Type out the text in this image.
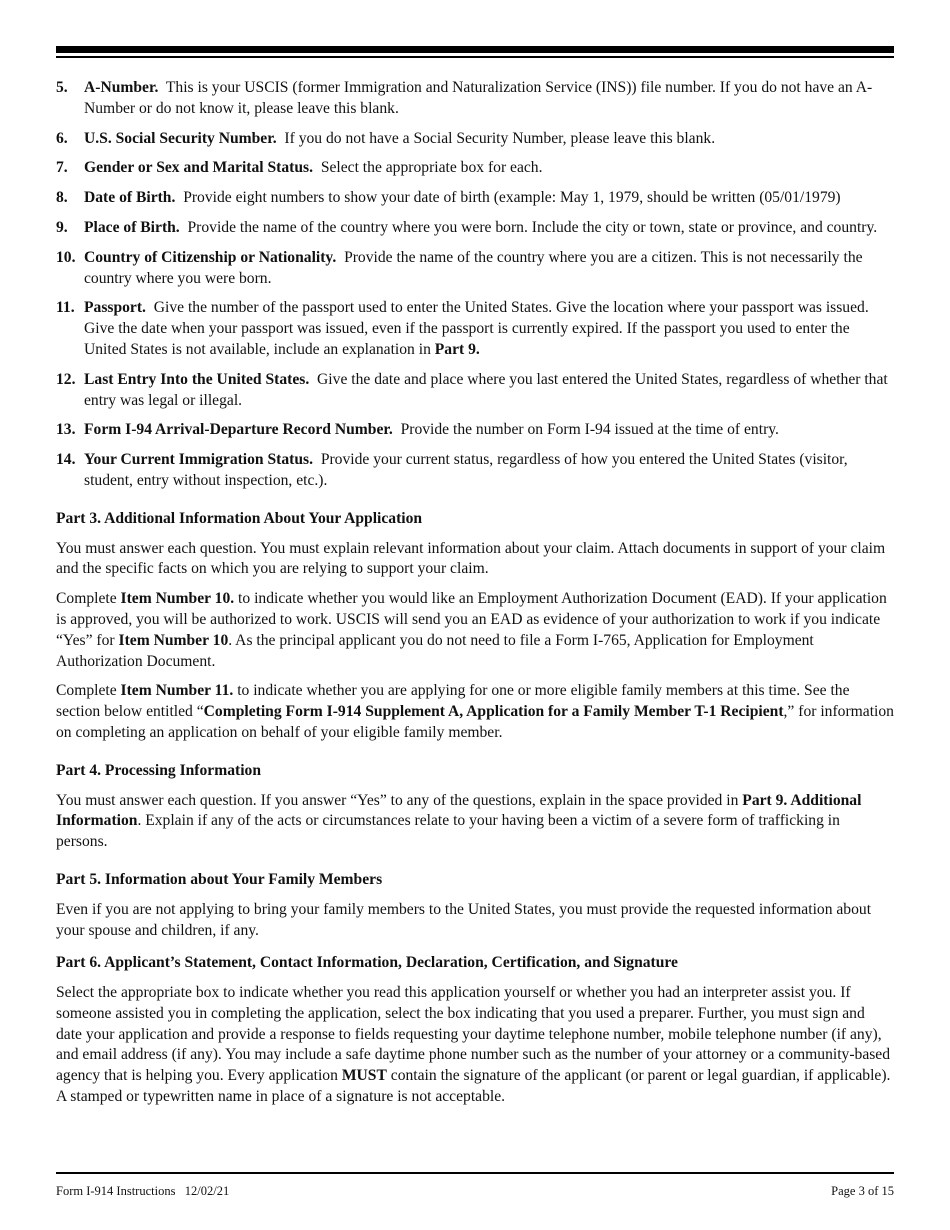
5.	A-Number. This is your USCIS (former Immigration and Naturalization Service (INS)) file number. If you do not have an A-Number or do not know it, please leave this blank.
6.	U.S. Social Security Number. If you do not have a Social Security Number, please leave this blank.
7.	Gender or Sex and Marital Status. Select the appropriate box for each.
8.	Date of Birth. Provide eight numbers to show your date of birth (example: May 1, 1979, should be written (05/01/1979)
9.	Place of Birth. Provide the name of the country where you were born. Include the city or town, state or province, and country.
10. Country of Citizenship or Nationality. Provide the name of the country where you are a citizen. This is not necessarily the country where you were born.
11. Passport. Give the number of the passport used to enter the United States. Give the location where your passport was issued. Give the date when your passport was issued, even if the passport is currently expired. If the passport you used to enter the United States is not available, include an explanation in Part 9.
12. Last Entry Into the United States. Give the date and place where you last entered the United States, regardless of whether that entry was legal or illegal.
13. Form I-94 Arrival-Departure Record Number. Provide the number on Form I-94 issued at the time of entry.
14. Your Current Immigration Status. Provide your current status, regardless of how you entered the United States (visitor, student, entry without inspection, etc.).
Part 3. Additional Information About Your Application

You must answer each question. You must explain relevant information about your claim. Attach documents in support of your claim and the specific facts on which you are relying to support your claim.

Complete Item Number 10. to indicate whether you would like an Employment Authorization Document (EAD). If your application is approved, you will be authorized to work. USCIS will send you an EAD as evidence of your authorization to work if you indicate “Yes” for Item Number 10. As the principal applicant you do not need to file a Form I-765, Application for Employment Authorization Document.

Complete Item Number 11. to indicate whether you are applying for one or more eligible family members at this time. See the section below entitled “Completing Form I-914 Supplement A, Application for a Family Member T-1 Recipient,” for information on completing an application on behalf of your eligible family member.

Part 4. Processing Information

You must answer each question. If you answer “Yes” to any of the questions, explain in the space provided in Part 9. Additional Information. Explain if any of the acts or circumstances relate to your having been a victim of a severe form of trafficking in persons.

Part 5. Information about Your Family Members

Even if you are not applying to bring your family members to the United States, you must provide the requested information about your spouse and children, if any.

Part 6. Applicant’s Statement, Contact Information, Declaration, Certification, and Signature

Select the appropriate box to indicate whether you read this application yourself or whether you had an interpreter assist you. If someone assisted you in completing the application, select the box indicating that you used a preparer. Further, you must sign and date your application and provide a response to fields requesting your daytime telephone number, mobile telephone number (if any), and email address (if any). You may include a safe daytime phone number such as the number of your attorney or a community-based agency that is helping you. Every application MUST contain the signature of the applicant (or parent or legal guardian, if applicable). A stamped or typewritten name in place of a signature is not acceptable.

Form I-914 Instructions   12/02/21	Page 3 of 15
